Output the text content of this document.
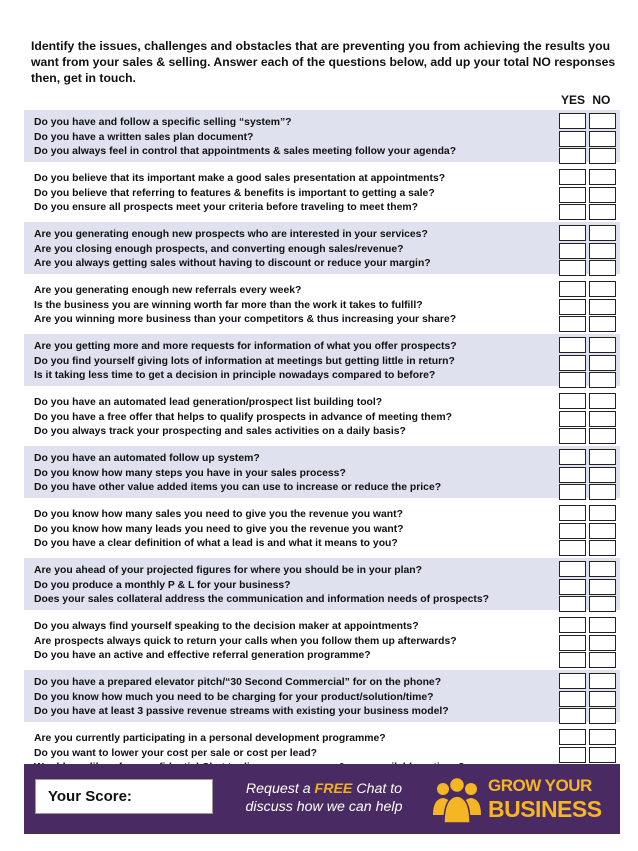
Identify the issues, challenges and obstacles that are preventing you from achieving the results you want from your sales & selling. Answer each of the questions below, add up your total NO responses then, get in touch.
YES NO
Do you have and follow a specific selling “system”?
Do you have a written sales plan document?
Do you always feel in control that appointments & sales meeting follow your agenda?
Do you believe that its important make a good sales presentation at appointments?
Do you believe that referring to features & benefits is important to getting a sale?
Do you ensure all prospects meet your criteria before traveling to meet them?
Are you generating enough new prospects who are interested in your services?
Are you closing enough prospects, and converting enough sales/revenue?
Are you always getting sales without having to discount or reduce your margin?
Are you generating enough new referrals every week?
Is the business you are winning worth far more than the work it takes to fulfill?
Are you winning more business than your competitors & thus increasing your share?
Are you getting more and more requests for information of what you offer prospects?
Do you find yourself giving lots of information at meetings but getting little in return?
Is it taking less time to get a decision in principle nowadays compared to before?
Do you have an automated lead generation/prospect list building tool?
Do you have a free offer that helps to qualify prospects in advance of meeting them?
Do you always track your prospecting and sales activities on a daily basis?
Do you have an automated follow up system?
Do you know how many steps you have in your sales process?
Do you have other value added items you can use to increase or reduce the price?
Do you know how many sales you need to give you the revenue you want?
Do you know how many leads you need to give you the revenue you want?
Do you have a clear definition of what a lead is and what it means to you?
Are you ahead of your projected figures for where you should be in your plan?
Do you produce a monthly P & L for your business?
Does your sales collateral address the communication and information needs of prospects?
Do you always find yourself speaking to the decision maker at appointments?
Are prospects always quick to return your calls when you follow them up afterwards?
Do you have an active and effective referral generation programme?
Do you have a prepared elevator pitch/“30 Second Commercial” for on the phone?
Do you know how much you need to be charging for your product/solution/time?
Do you have at least 3 passive revenue streams with existing your business model?
Are you currently participating in a personal development programme?
Do you want to lower your cost per sale or cost per lead?
Your Score:	Request a FREE Chat to
discuss how we can help
GROW YOUR
BUSINESS
